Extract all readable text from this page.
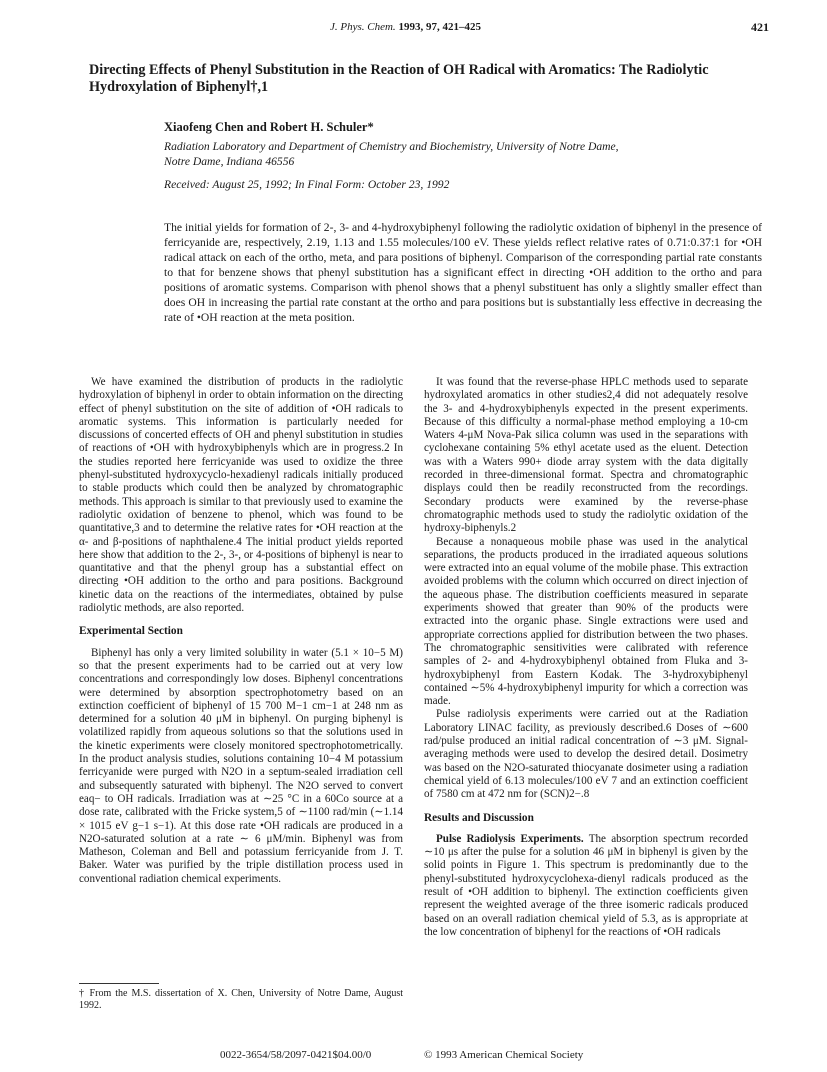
J. Phys. Chem. 1993, 97, 421–425	421
Directing Effects of Phenyl Substitution in the Reaction of OH Radical with Aromatics: The Radiolytic Hydroxylation of Biphenyl†,1
Xiaofeng Chen and Robert H. Schuler*
Radiation Laboratory and Department of Chemistry and Biochemistry, University of Notre Dame,
Notre Dame, Indiana 46556
Received: August 25, 1992; In Final Form: October 23, 1992
The initial yields for formation of 2-, 3- and 4-hydroxybiphenyl following the radiolytic oxidation of biphenyl in the presence of ferricyanide are, respectively, 2.19, 1.13 and 1.55 molecules/100 eV. These yields reflect relative rates of 0.71:0.37:1 for •OH radical attack on each of the ortho, meta, and para positions of biphenyl. Comparison of the corresponding partial rate constants to that for benzene shows that phenyl substitution has a significant effect in directing •OH addition to the ortho and para positions of aromatic systems. Comparison with phenol shows that a phenyl substituent has only a slightly smaller effect than does OH in increasing the partial rate constant at the ortho and para positions but is substantially less effective in decreasing the rate of •OH reaction at the meta position.

We have examined the distribution of products in the radiolytic hydroxylation of biphenyl in order to obtain information on the directing effect of phenyl substitution on the site of addition of •OH radicals to aromatic systems. This information is particularly needed for discussions of concerted effects of OH and phenyl substitution in studies of reactions of •OH with hydroxybiphenyls which are in progress.2 In the studies reported here ferricyanide was used to oxidize the three phenyl-substituted hydroxycyclo-hexadienyl radicals initially produced to stable products which could then be analyzed by chromatographic methods. This approach is similar to that previously used to examine the radiolytic oxidation of benzene to phenol, which was found to be quantitative,3 and to determine the relative rates for •OH reaction at the α- and β-positions of naphthalene.4 The initial product yields reported here show that addition to the 2-, 3-, or 4-positions of biphenyl is near to quantitative and that the phenyl group has a substantial effect on directing •OH addition to the ortho and para positions. Background kinetic data on the reactions of the intermediates, obtained by pulse radiolytic methods, are also reported.

Experimental Section

Biphenyl has only a very limited solubility in water (5.1 × 10−5 M) so that the present experiments had to be carried out at very low concentrations and correspondingly low doses. Biphenyl concentrations were determined by absorption spectrophotometry based on an extinction coefficient of biphenyl of 15 700 M−1 cm−1 at 248 nm as determined for a solution 40 μM in biphenyl. On purging biphenyl is volatilized rapidly from aqueous solutions so that the solutions used in the kinetic experiments were closely monitored spectrophotometrically. In the product analysis studies, solutions containing 10−4 M potassium ferricyanide were purged with N2O in a septum-sealed irradiation cell and subsequently saturated with biphenyl. The N2O served to convert eaq− to OH radicals. Irradiation was at ∼25 °C in a 60Co source at a dose rate, calibrated with the Fricke system,5 of ∼1100 rad/min (∼1.14 × 1015 eV g−1 s−1). At this dose rate •OH radicals are produced in a N2O-saturated solution at a rate ∼ 6 μM/min. Biphenyl was from Matheson, Coleman and Bell and potassium ferricyanide from J. T. Baker. Water was purified by the triple distillation process used in conventional radiation chemical experiments.

† From the M.S. dissertation of X. Chen, University of Notre Dame, August 1992.

It was found that the reverse-phase HPLC methods used to separate hydroxylated aromatics in other studies2,4 did not adequately resolve the 3- and 4-hydroxybiphenyls expected in the present experiments. Because of this difficulty a normal-phase method employing a 10-cm Waters 4-μM Nova-Pak silica column was used in the separations with cyclohexane containing 5% ethyl acetate used as the eluent. Detection was with a Waters 990+ diode array system with the data digitally recorded in three-dimensional format. Spectra and chromatographic displays could then be readily reconstructed from the recordings. Secondary products were examined by the reverse-phase chromatographic methods used to study the radiolytic oxidation of the hydroxy-biphenyls.2

Because a nonaqueous mobile phase was used in the analytical separations, the products produced in the irradiated aqueous solutions were extracted into an equal volume of the mobile phase. This extraction avoided problems with the column which occurred on direct injection of the aqueous phase. The distribution coefficients measured in separate experiments showed that greater than 90% of the products were extracted into the organic phase. Single extractions were used and appropriate corrections applied for distribution between the two phases. The chromatographic sensitivities were calibrated with reference samples of 2- and 4-hydroxybiphenyl obtained from Fluka and 3-hydroxybiphenyl from Eastern Kodak. The 3-hydroxybiphenyl contained ∼5% 4-hydroxybiphenyl impurity for which a correction was made.

Pulse radiolysis experiments were carried out at the Radiation Laboratory LINAC facility, as previously described.6 Doses of ∼600 rad/pulse produced an initial radical concentration of ∼3 μM. Signal-averaging methods were used to develop the desired detail. Dosimetry was based on the N2O-saturated thiocyanate dosimeter using a radiation chemical yield of 6.13 molecules/100 eV 7 and an extinction coefficient of 7580 cm at 472 nm for (SCN)2−.8

Results and Discussion

Pulse Radiolysis Experiments. The absorption spectrum recorded ∼10 μs after the pulse for a solution 46 μM in biphenyl is given by the solid points in Figure 1. This spectrum is predominantly due to the phenyl-substituted hydroxycyclohexa-dienyl radicals produced as the result of •OH addition to biphenyl. The extinction coefficients given represent the weighted average of the three isomeric radicals produced based on an overall radiation chemical yield of 5.3, as is appropriate at the low concentration of biphenyl for the reactions of •OH radicals

0022-3654/58/2097-0421$04.00/0	© 1993 American Chemical Society
